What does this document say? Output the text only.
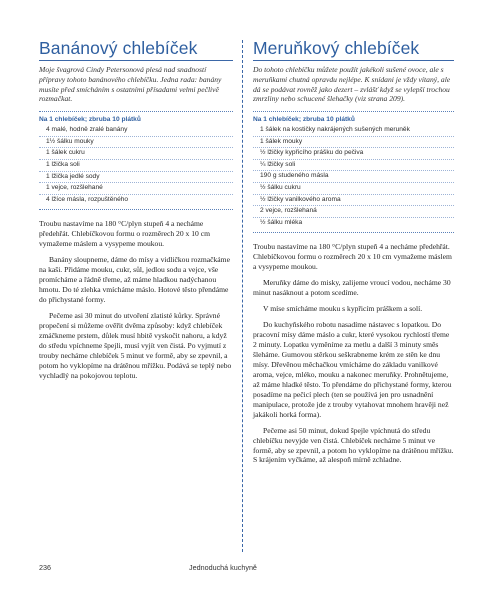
Banánový chlebíček

Moje švagrová Cindy Petersonová plesá nad snadností přípravy tohoto banánového chlebíčku. Jedna rada: banány musíte před smícháním s ostatními přísadami velmi pečlivě rozmačkat.

Na 1 chlebíček; zbruba 10 plátků
4 malé, hodně zralé banány
1½ šálku mouky
1 šálek cukru
1 lžička soli
1 lžička jedlé sody
1 vejce, rozšlehané
4 lžíce másla, rozpuštěného

Troubu nastavíme na 180 °C/plyn stupeň 4 a necháme předehřát. Chlebíčkovou formu o rozměrech 20 x 10 cm vymažeme máslem a vysypeme moukou.

Banány sloupneme, dáme do mísy a vidličkou rozmačkáme na kaši. Přidáme mouku, cukr, sůl, jedlou sodu a vejce, vše promícháme a řádně třeme, až máme hladkou nadýchanou hmotu. Do té zlehka vmícháme máslo. Hotové těsto přendáme do přichystané formy.

Pečeme asi 30 minut do utvoření zlatisté kůrky. Správné propečení si můžeme ověřit dvěma způsoby: když chlebíček zmáčkneme prstem, důlek musí hbitě vyskočit nahoru, a když do středu vpíchneme špejli, musí vyjít ven čistá. Po vyjmutí z trouby necháme chlebíček 5 minut ve formě, aby se zpevnil, a potom ho vyklopíme na drátěnou mřížku. Podává se teplý nebo vychladlý na pokojovou teplotu.

Meruňkový chlebíček

Do tohoto chlebíčku můžete použít jakékoli sušené ovoce, ale s meruňkami chutná opravdu nejlépe. K snídani je vždy vítaný, ale dá se podávat rovněž jako dezert – zvlášť když se vylepší trochou zmrzliny nebo schucené šlehačky (viz strana 209).

Na 1 chlebíček; zbruba 10 plátků
1 šálek na kostičky nakrájených sušených meruněk
1 šálek mouky
½ lžičky kypřicího prášku do pečiva
¼ lžičky soli
190 g studeného másla
½ šálku cukru
½ lžičky vanilkového aroma
2 vejce, rozšlehaná
½ šálku mléka

Troubu nastavíme na 180 °C/plyn stupeň 4 a necháme předehřát. Chlebíčkovou formu o rozměrech 20 x 10 cm vymažeme máslem a vysypeme moukou.

Meruňky dáme do misky, zalijeme vroucí vodou, necháme 30 minut nasáknout a potom scedíme.

V míse smícháme mouku s kypřicím práškem a solí.

Do kuchyňského robotu nasadíme nástavec s lopatkou. Do pracovní mísy dáme máslo a cukr, které vysokou rychlostí třeme 2 minuty. Lopatku vyměníme za metlu a další 3 minuty směs šleháme. Gumovou stěrkou seškrabneme krém ze stěn ke dnu mísy. Dřevěnou měchačkou vmícháme do základu vanilkové aroma, vejce, mléko, mouku a nakonec meruňky. Prohnětujeme, až máme hladké těsto. To přendáme do přichystané formy, kterou posadíme na pečicí plech (ten se používá jen pro usnadnění manipulace, protože jde z trouby vytahovat mnohem hravěji než jakákoli horká forma).

Pečeme asi 50 minut, dokud špejle vpíchnutá do středu chlebíčku nevyjde ven čistá. Chlebíček necháme 5 minut ve formě, aby se zpevnil, a potom ho vyklopíme na drátěnou mřížku. S krájením vyčkáme, až alespoň mírně zchladne.

236	Jednoduchá kuchyně
